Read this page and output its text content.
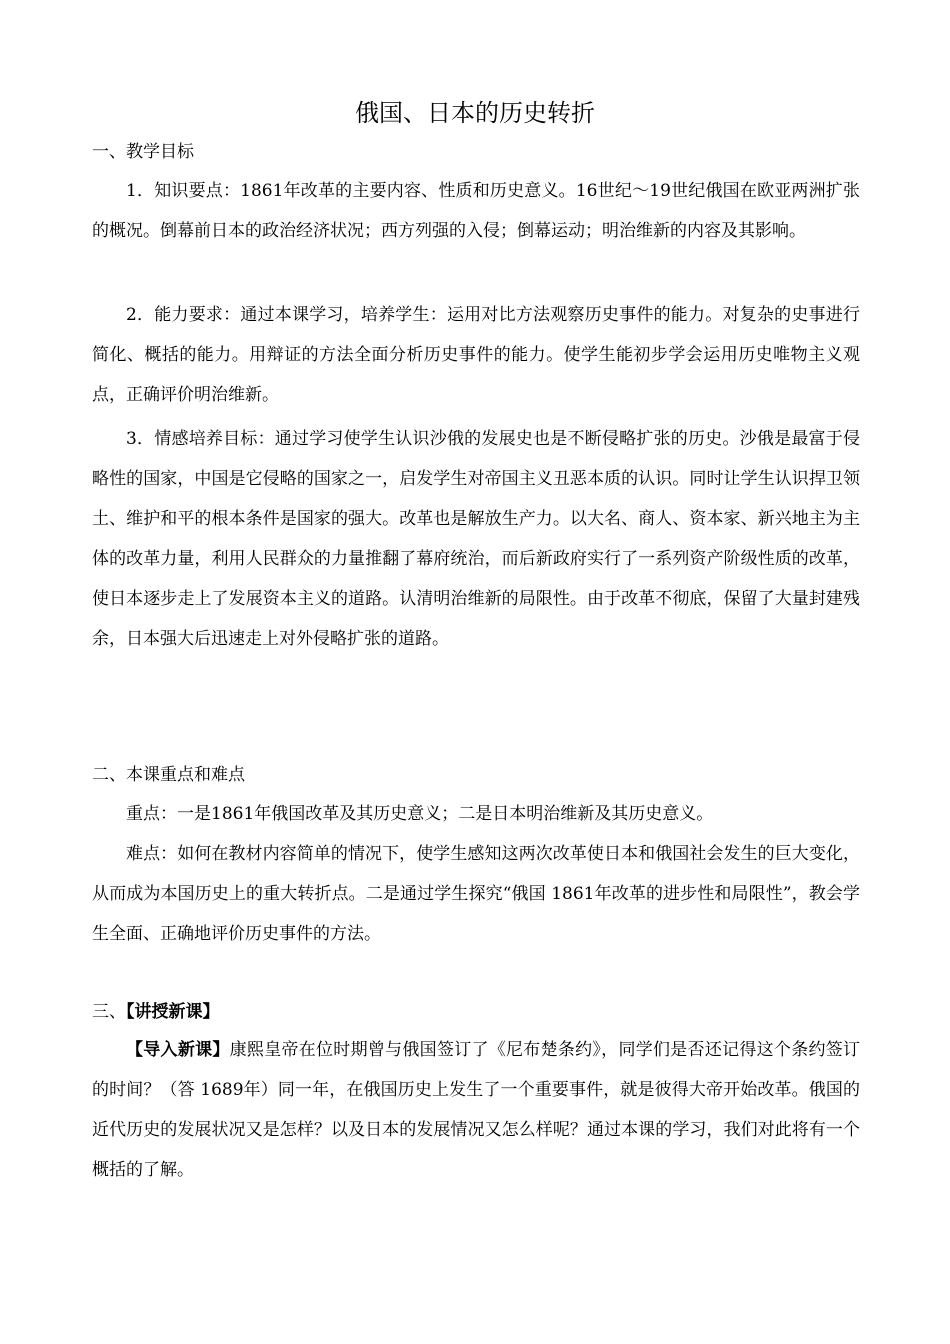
俄国、日本的历史转折

一、教学目标

1．知识要点：1861年改革的主要内容、性质和历史意义。16世纪～19世纪俄国在欧亚两洲扩张的概况。倒幕前日本的政治经济状况；西方列强的入侵；倒幕运动；明治维新的内容及其影响。

2．能力要求：通过本课学习，培养学生：运用对比方法观察历史事件的能力。对复杂的史事进行简化、概括的能力。用辩证的方法全面分析历史事件的能力。使学生能初步学会运用历史唯物主义观点，正确评价明治维新。

3．情感培养目标：通过学习使学生认识沙俄的发展史也是不断侵略扩张的历史。沙俄是最富于侵略性的国家，中国是它侵略的国家之一，启发学生对帝国主义丑恶本质的认识。同时让学生认识捍卫领土、维护和平的根本条件是国家的强大。改革也是解放生产力。以大名、商人、资本家、新兴地主为主体的改革力量，利用人民群众的力量推翻了幕府统治，而后新政府实行了一系列资产阶级性质的改革，使日本逐步走上了发展资本主义的道路。认清明治维新的局限性。由于改革不彻底，保留了大量封建残余，日本强大后迅速走上对外侵略扩张的道路。

二、本课重点和难点

重点：一是1861年俄国改革及其历史意义；二是日本明治维新及其历史意义。

难点：如何在教材内容简单的情况下，使学生感知这两次改革使日本和俄国社会发生的巨大变化，从而成为本国历史上的重大转折点。二是通过学生探究“俄国 1861年改革的进步性和局限性”，教会学生全面、正确地评价历史事件的方法。

三、【讲授新课】

【导入新课】康熙皇帝在位时期曾与俄国签订了《尼布楚条约》，同学们是否还记得这个条约签订的时间？（答 1689年）同一年，在俄国历史上发生了一个重要事件，就是彼得大帝开始改革。俄国的近代历史的发展状况又是怎样？以及日本的发展情况又怎么样呢？通过本课的学习，我们对此将有一个概括的了解。
